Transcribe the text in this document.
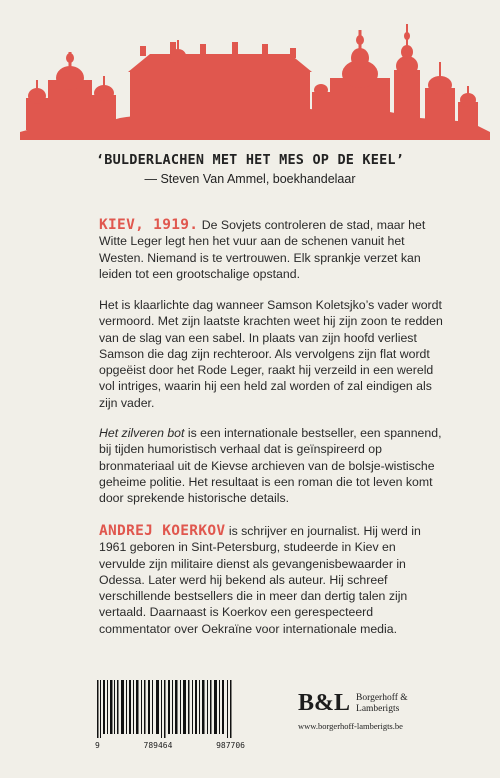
‘BULDERLACHEN MET HET MES OP DE KEEL’
— Steven Van Ammel, boekhandelaar
KIEV, 1919. De Sovjets controleren de stad, maar het Witte Leger legt hen het vuur aan de schenen vanuit het Westen. Niemand is te vertrouwen. Elk sprankje verzet kan leiden tot een grootschalige opstand.
Het is klaarlichte dag wanneer Samson Koletsjko’s vader wordt vermoord. Met zijn laatste krachten weet hij zijn zoon te redden van de slag van een sabel. In plaats van zijn hoofd verliest Samson die dag zijn rechteroor. Als vervolgens zijn flat wordt opgeëist door het Rode Leger, raakt hij verzeild in een wereld vol intriges, waarin hij een held zal worden of zal eindigen als zijn vader.
Het zilveren bot is een internationale bestseller, een spannend, bij tijden humoristisch verhaal dat is geïnspireerd op bronmateriaal uit de Kievse archieven van de bolsje-wistische geheime politie. Het resultaat is een roman die tot leven komt door sprekende historische details.
ANDREJ KOERKOV is schrijver en journalist. Hij werd in 1961 geboren in Sint-Petersburg, studeerde in Kiev en vervulde zijn militaire dienst als gevangenisbewaarder in Odessa. Later werd hij bekend als auteur. Hij schreef verschillende bestsellers die in meer dan dertig talen zijn vertaald. Daarnaast is Koerkov een gerespecteerd commentator over Oekraïne voor internationale media.
9	789464	987706
B&L Borgerhoff & Lamberigts
www.borgerhoff-lamberigts.be
